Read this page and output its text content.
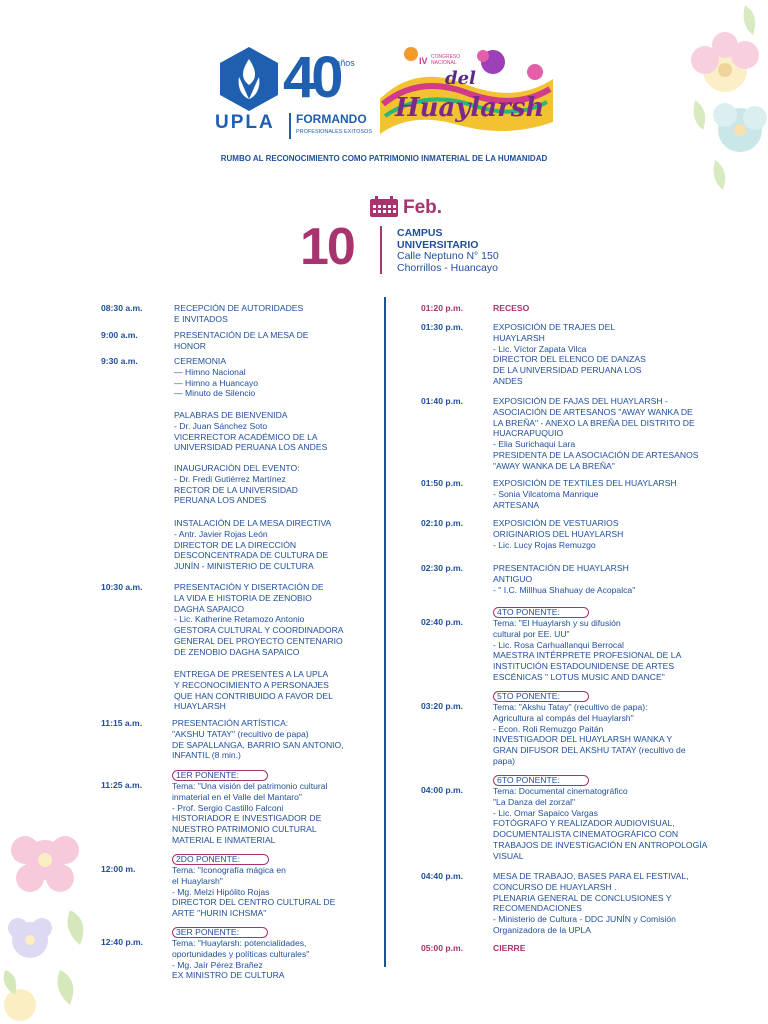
UPLA
40
años
FORMANDO
PROFESIONALES EXITOSOS
IV CONGRESO
NACIONAL
del
Huaylarsh
RUMBO AL RECONOCIMIENTO COMO PATRIMONIO INMATERIAL DE LA HUMANIDAD
Feb.
10	CAMPUS
UNIVERSITARIO
Calle Neptuno N° 150
Chorrillos - Huancayo
08:30 a.m.	RECEPCIÓN DE AUTORIDADES
E INVITADOS
9:00 a.m.	PRESENTACIÓN DE LA MESA DE
HONOR
9:30 a.m.	CEREMONIA
— Himno Nacional
— Himno a Huancayo
— Minuto de Silencio
PALABRAS DE BIENVENIDA
- Dr. Juan Sánchez Soto
VICERRECTOR ACADÉMICO DE LA
UNIVERSIDAD PERUANA LOS ANDES
INAUGURACIÓN DEL EVENTO:
- Dr. Fredi Gutiérrez Martínez
RECTOR DE LA UNIVERSIDAD
PERUANA LOS ANDES
INSTALACIÓN DE LA MESA DIRECTIVA
- Antr. Javier Rojas León
DIRECTOR DE LA DIRECCIÓN
DESCONCENTRADA DE CULTURA DE
JUNÍN - MINISTERIO DE CULTURA
10:30 a.m.	PRESENTACIÓN Y DISERTACIÓN DE
LA VIDA E HISTORIA DE ZENOBIO
DAGHA SAPAICO
- Lic. Katherine Retamozo Antonio
GESTORA CULTURAL Y COORDINADORA
GENERAL DEL PROYECTO CENTENARIO
DE ZENOBIO DAGHA SAPAICO
ENTREGA DE PRESENTES A LA UPLA
Y RECONOCIMIENTO A PERSONAJES
QUE HAN CONTRIBUIDO A FAVOR DEL
HUAYLARSH
11:15 a.m.	PRESENTACIÓN ARTÍSTICA:
"AKSHU TATAY" (recultivo de papa)
DE SAPALLANGA, BARRIO SAN ANTONIO,
INFANTIL (8 min.)
11:25 a.m.
1ER PONENTE:
Tema: "Una visión del patrimonio cultural
inmaterial en el Valle del Mantaro"
- Prof. Sergio Castillo Falconi
HISTORIADOR E INVESTIGADOR DE
NUESTRO PATRIMONIO CULTURAL
MATERIAL E INMATERIAL
12:00 m.
2DO PONENTE:
Tema: "Iconografía mágica en
el Huaylarsh"
- Mg. Melzi Hipólito Rojas
DIRECTOR DEL CENTRO CULTURAL DE
ARTE "HURIN ICHSMA"
12:40 p.m.
3ER PONENTE:
Tema: "Huaylarsh: potencialidades,
oportunidades y políticas culturales"
- Mg. Jaír Pérez Brañez
EX MINISTRO DE CULTURA
01:20 p.m.	RECESO
01:30 p.m.	EXPOSICIÓN DE TRAJES DEL
HUAYLARSH
- Lic. Víctor Zapata Vilca
DIRECTOR DEL ELENCO DE DANZAS
DE LA UNIVERSIDAD PERUANA LOS
ANDES
01:40 p.m.	EXPOSICIÓN DE FAJAS DEL HUAYLARSH -
ASOCIACIÓN DE ARTESANOS "AWAY WANKA DE
LA BREÑA" - ANEXO LA BREÑA DEL DISTRITO DE
HUACRAPUQUIO
- Elia Surichaqui Lara
PRESIDENTA DE LA ASOCIACIÓN DE ARTESANOS
"AWAY WANKA DE LA BREÑA"
01:50 p.m.	EXPOSICIÓN DE TEXTILES DEL HUAYLARSH
- Sonia Vilcatoma Manrique
ARTESANA
02:10 p.m.	EXPOSICIÓN DE VESTUARIOS
ORIGINARIOS DEL HUAYLARSH
- Lic. Lucy Rojas Remuzgo
02:30 p.m.	PRESENTACIÓN DE HUAYLARSH
ANTIGUO
- " I.C. Millhua Shahuay de Acopalca"
02:40 p.m.
4TO PONENTE:
Tema: "El Huaylarsh y su difusión
cultural por EE. UU"
- Lic. Rosa Carhuallanqui Berrocal
MAESTRA INTÉRPRETE PROFESIONAL DE LA
INSTITUCIÓN ESTADOUNIDENSE DE ARTES
ESCÉNICAS " LOTUS MUSIC AND DANCE"
03:20 p.m.
5TO PONENTE:
Tema: "Akshu Tatay" (recultivo de papa):
Agricultura al compás del Huaylarsh"
- Econ. Roli Remuzgo Paitán
INVESTIGADOR DEL HUAYLARSH WANKA Y
GRAN DIFUSOR DEL AKSHU TATAY (recultivo de
papa)
04:00 p.m.
6TO PONENTE:
Tema: Documental cinematográfico
"La Danza del zorzal"
- Lic. Omar Sapaico Vargas
FOTÓGRAFO Y REALIZADOR AUDIOVISUAL,
DOCUMENTALISTA CINEMATOGRÁFICO CON
TRABAJOS DE INVESTIGACIÓN EN ANTROPOLOGÍA
VISUAL
04:40 p.m.	MESA DE TRABAJO, BASES PARA EL FESTIVAL,
CONCURSO DE HUAYLARSH .
PLENARIA GENERAL DE CONCLUSIONES Y
RECOMENDACIONES
- Ministerio de Cultura - DDC JUNÍN y Comisión
Organizadora de la UPLA
05:00 p.m.	CIERRE
